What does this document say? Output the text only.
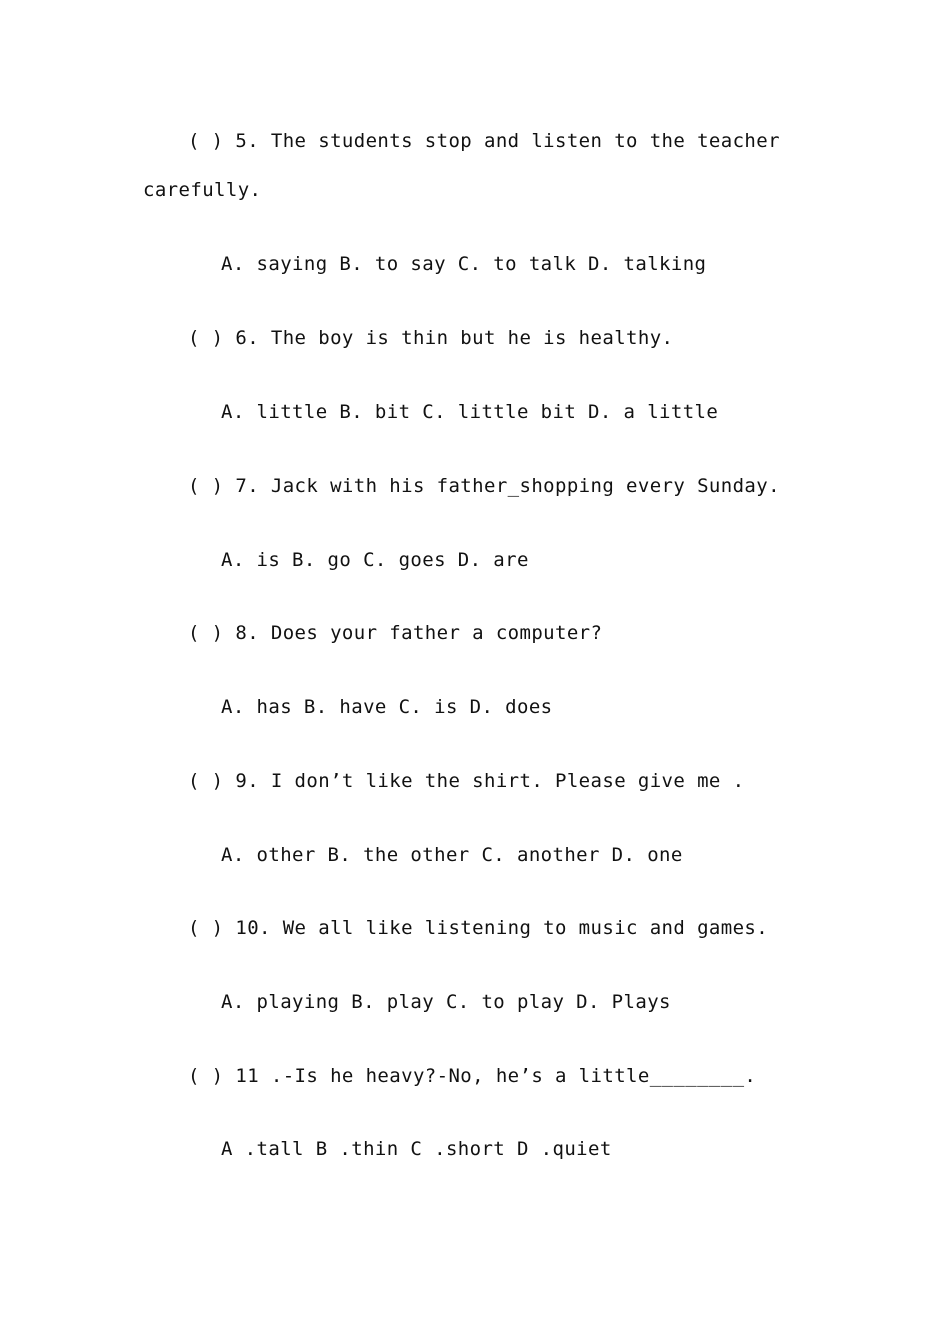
( ) 5. The students stop and listen to the teacher
carefully.
A. saying B. to say C. to talk D. talking
( ) 6. The boy is thin but he is healthy.
A. little B. bit C. little bit D. a little
( ) 7. Jack with his father_shopping every Sunday.
A. is B. go C. goes D. are
( ) 8. Does your father a computer?
A. has B. have C. is D. does
( ) 9. I don’t like the shirt. Please give me .
A. other B. the other C. another D. one
( ) 10. We all like listening to music and games.
A. playing B. play C. to play D. Plays
( ) 11 .-Is he heavy?-No, he’s a little________.
A .tall B .thin C .short D .quiet
